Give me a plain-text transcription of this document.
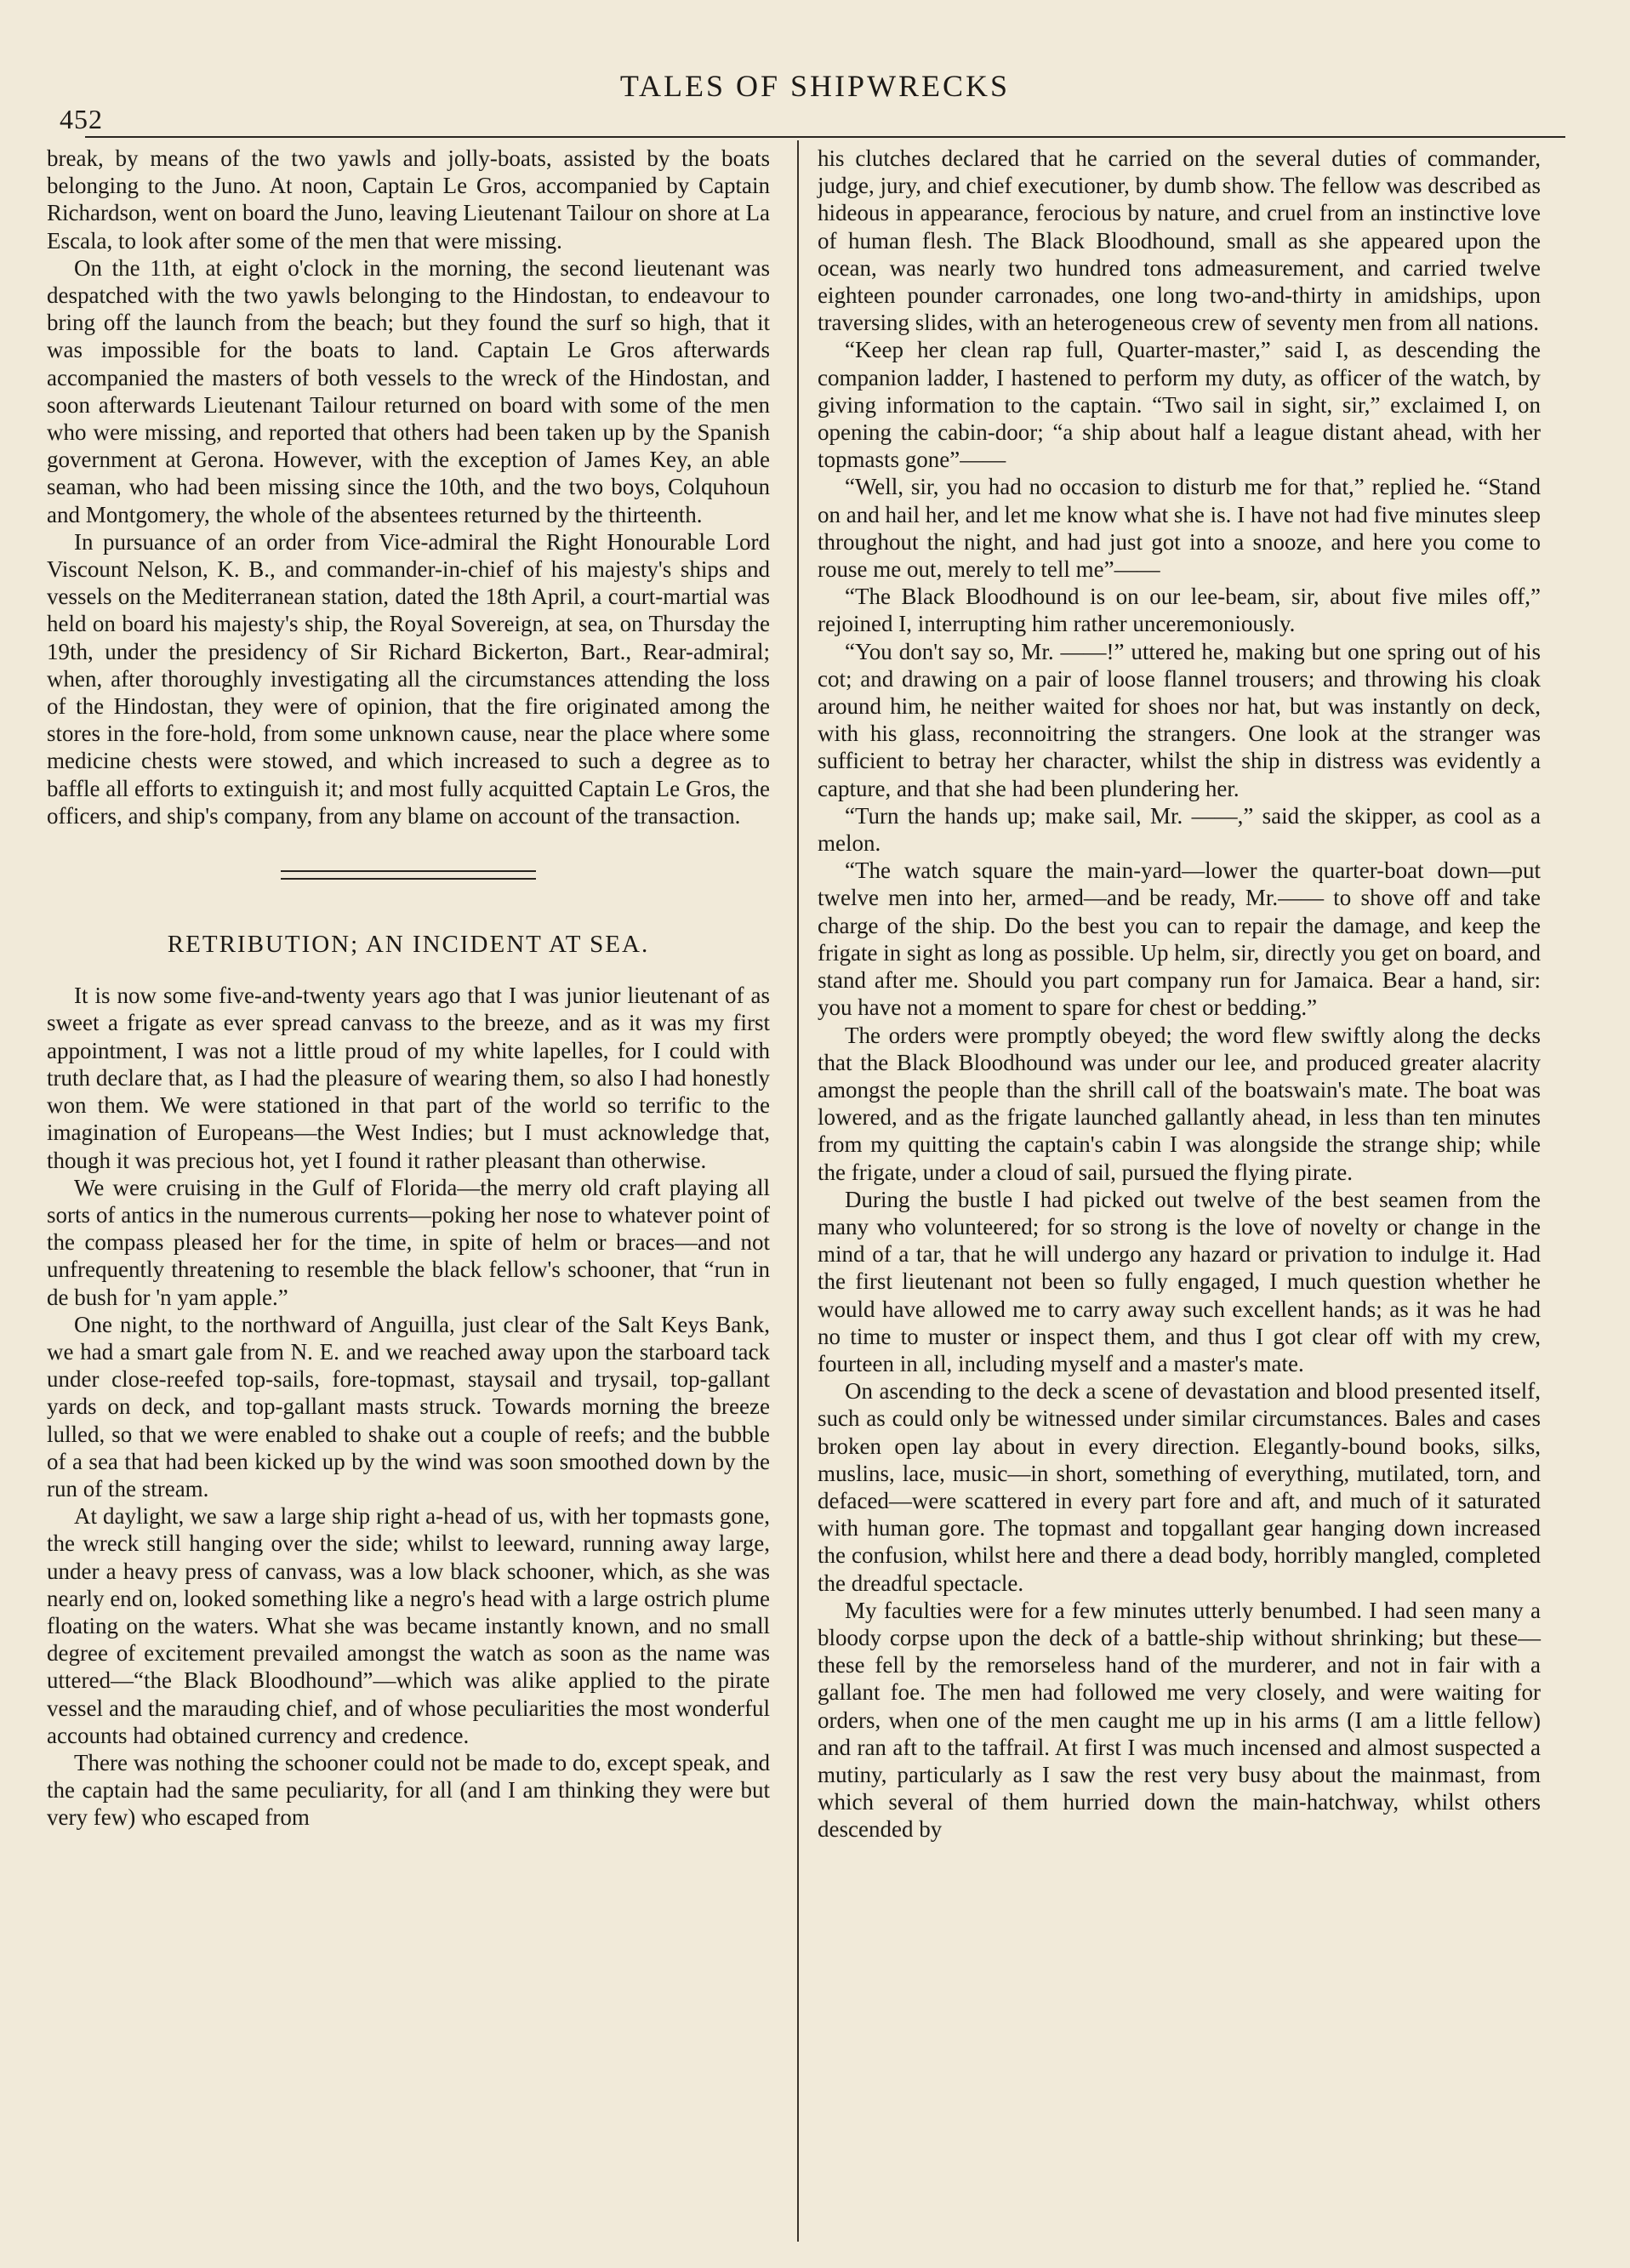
452
TALES OF SHIPWRECKS

break, by means of the two yawls and jolly-boats, assisted by the boats belonging to the Juno. At noon, Captain Le Gros, accompanied by Captain Richardson, went on board the Juno, leaving Lieutenant Tailour on shore at La Escala, to look after some of the men that were missing.

On the 11th, at eight o'clock in the morning, the second lieutenant was despatched with the two yawls belonging to the Hindostan, to endeavour to bring off the launch from the beach; but they found the surf so high, that it was impossible for the boats to land. Captain Le Gros afterwards accompanied the masters of both vessels to the wreck of the Hindostan, and soon afterwards Lieutenant Tailour returned on board with some of the men who were missing, and reported that others had been taken up by the Spanish government at Gerona. However, with the exception of James Key, an able seaman, who had been missing since the 10th, and the two boys, Colquhoun and Montgomery, the whole of the absentees returned by the thirteenth.

In pursuance of an order from Vice-admiral the Right Honourable Lord Viscount Nelson, K. B., and commander-in-chief of his majesty's ships and vessels on the Mediterranean station, dated the 18th April, a court-martial was held on board his majesty's ship, the Royal Sovereign, at sea, on Thursday the 19th, under the presidency of Sir Richard Bickerton, Bart., Rear-admiral; when, after thoroughly investigating all the circumstances attending the loss of the Hindostan, they were of opinion, that the fire originated among the stores in the fore-hold, from some unknown cause, near the place where some medicine chests were stowed, and which increased to such a degree as to baffle all efforts to extinguish it; and most fully acquitted Captain Le Gros, the officers, and ship's company, from any blame on account of the transaction.

RETRIBUTION; AN INCIDENT AT SEA.

It is now some five-and-twenty years ago that I was junior lieutenant of as sweet a frigate as ever spread canvass to the breeze, and as it was my first appointment, I was not a little proud of my white lapelles, for I could with truth declare that, as I had the pleasure of wearing them, so also I had honestly won them. We were stationed in that part of the world so terrific to the imagination of Europeans—the West Indies; but I must acknowledge that, though it was precious hot, yet I found it rather pleasant than otherwise.

We were cruising in the Gulf of Florida—the merry old craft playing all sorts of antics in the numerous currents—poking her nose to whatever point of the compass pleased her for the time, in spite of helm or braces—and not unfrequently threatening to resemble the black fellow's schooner, that “run in de bush for 'n yam apple.”

One night, to the northward of Anguilla, just clear of the Salt Keys Bank, we had a smart gale from N. E. and we reached away upon the starboard tack under close-reefed top-sails, fore-topmast, staysail and trysail, top-gallant yards on deck, and top-gallant masts struck. Towards morning the breeze lulled, so that we were enabled to shake out a couple of reefs; and the bubble of a sea that had been kicked up by the wind was soon smoothed down by the run of the stream.

At daylight, we saw a large ship right a-head of us, with her topmasts gone, the wreck still hanging over the side; whilst to leeward, running away large, under a heavy press of canvass, was a low black schooner, which, as she was nearly end on, looked something like a negro's head with a large ostrich plume floating on the waters. What she was became instantly known, and no small degree of excitement prevailed amongst the watch as soon as the name was uttered—“the Black Bloodhound”—which was alike applied to the pirate vessel and the marauding chief, and of whose peculiarities the most wonderful accounts had obtained currency and credence.

There was nothing the schooner could not be made to do, except speak, and the captain had the same peculiarity, for all (and I am thinking they were but very few) who escaped from

his clutches declared that he carried on the several duties of commander, judge, jury, and chief executioner, by dumb show. The fellow was described as hideous in appearance, ferocious by nature, and cruel from an instinctive love of human flesh. The Black Bloodhound, small as she appeared upon the ocean, was nearly two hundred tons admeasurement, and carried twelve eighteen pounder carronades, one long two-and-thirty in amidships, upon traversing slides, with an heterogeneous crew of seventy men from all nations.

“Keep her clean rap full, Quarter-master,” said I, as descending the companion ladder, I hastened to perform my duty, as officer of the watch, by giving information to the captain. “Two sail in sight, sir,” exclaimed I, on opening the cabin-door; “a ship about half a league distant ahead, with her topmasts gone”——

“Well, sir, you had no occasion to disturb me for that,” replied he. “Stand on and hail her, and let me know what she is. I have not had five minutes sleep throughout the night, and had just got into a snooze, and here you come to rouse me out, merely to tell me”——

“The Black Bloodhound is on our lee-beam, sir, about five miles off,” rejoined I, interrupting him rather unceremoniously.

“You don't say so, Mr. ——!” uttered he, making but one spring out of his cot; and drawing on a pair of loose flannel trousers; and throwing his cloak around him, he neither waited for shoes nor hat, but was instantly on deck, with his glass, reconnoitring the strangers. One look at the stranger was sufficient to betray her character, whilst the ship in distress was evidently a capture, and that she had been plundering her.

“Turn the hands up; make sail, Mr. ——,” said the skipper, as cool as a melon.

“The watch square the main-yard—lower the quarter-boat down—put twelve men into her, armed—and be ready, Mr.—— to shove off and take charge of the ship. Do the best you can to repair the damage, and keep the frigate in sight as long as possible. Up helm, sir, directly you get on board, and stand after me. Should you part company run for Jamaica. Bear a hand, sir: you have not a moment to spare for chest or bedding.”

The orders were promptly obeyed; the word flew swiftly along the decks that the Black Bloodhound was under our lee, and produced greater alacrity amongst the people than the shrill call of the boatswain's mate. The boat was lowered, and as the frigate launched gallantly ahead, in less than ten minutes from my quitting the captain's cabin I was alongside the strange ship; while the frigate, under a cloud of sail, pursued the flying pirate.

During the bustle I had picked out twelve of the best seamen from the many who volunteered; for so strong is the love of novelty or change in the mind of a tar, that he will undergo any hazard or privation to indulge it. Had the first lieutenant not been so fully engaged, I much question whether he would have allowed me to carry away such excellent hands; as it was he had no time to muster or inspect them, and thus I got clear off with my crew, fourteen in all, including myself and a master's mate.

On ascending to the deck a scene of devastation and blood presented itself, such as could only be witnessed under similar circumstances. Bales and cases broken open lay about in every direction. Elegantly-bound books, silks, muslins, lace, music—in short, something of everything, mutilated, torn, and defaced—were scattered in every part fore and aft, and much of it saturated with human gore. The topmast and topgallant gear hanging down increased the confusion, whilst here and there a dead body, horribly mangled, completed the dreadful spectacle.

My faculties were for a few minutes utterly benumbed. I had seen many a bloody corpse upon the deck of a battle-ship without shrinking; but these—these fell by the remorseless hand of the murderer, and not in fair with a gallant foe. The men had followed me very closely, and were waiting for orders, when one of the men caught me up in his arms (I am a little fellow) and ran aft to the taffrail. At first I was much incensed and almost suspected a mutiny, particularly as I saw the rest very busy about the mainmast, from which several of them hurried down the main-hatchway, whilst others descended by
